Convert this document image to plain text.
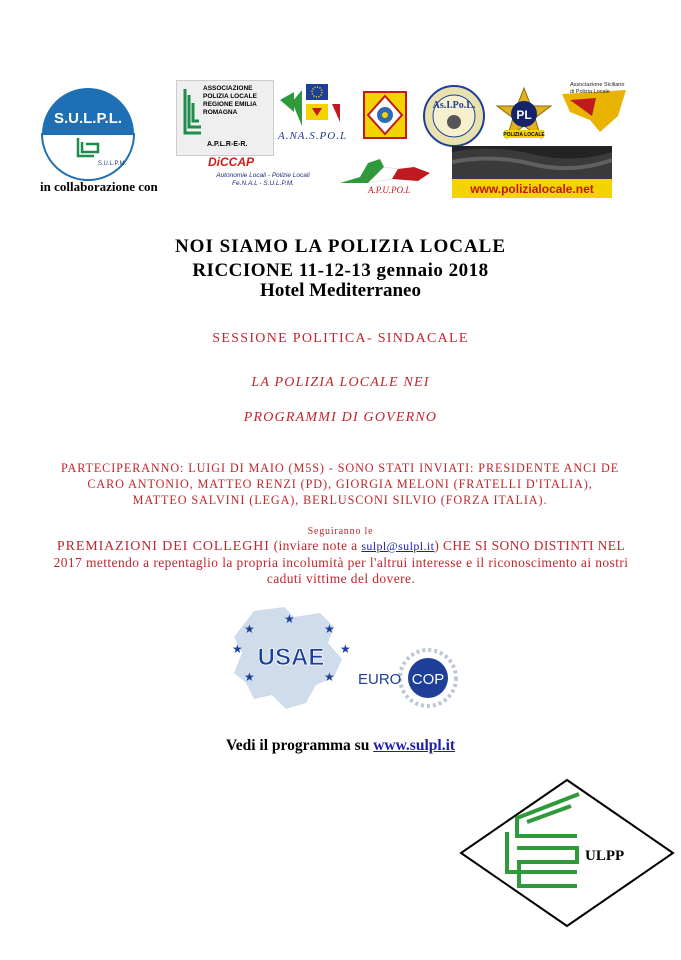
S.U.L.P.L.
S.U.L.P.M.
in collaborazione con
ASSOCIAZIONE POLIZIA LOCALE REGIONE EMILIA ROMAGNA
A.P.L.R-E-R.
A.NA.S.PO.L
DiCCAP
Autonomie Locali - Polizie Locali
Fe.N.A.L - S.U.L.P.M.
As.I.Po.L.
PL
POLIZIA LOCALE
Associazione Siciliano di Polizia Locale
A.P.U.PO.L	www.polizialocale.net
NOI SIAMO LA POLIZIA LOCALE
RICCIONE 11-12-13 gennaio 2018
Hotel Mediterraneo
SESSIONE POLITICA- SINDACALE
LA POLIZIA LOCALE NEI
PROGRAMMI DI GOVERNO
PARTECIPERANNO: LUIGI DI MAIO (M5S) - SONO STATI INVIATI: PRESIDENTE ANCI DE CARO ANTONIO, MATTEO RENZI (PD), GIORGIA MELONI (FRATELLI D'ITALIA), MATTEO SALVINI (LEGA), BERLUSCONI SILVIO (FORZA ITALIA).
Seguiranno le
PREMIAZIONI DEI COLLEGHI (inviare note a sulpl@sulpl.it) CHE SI SONO DISTINTI NEL 2017 mettendo a repentaglio la propria incolumità per l'altrui interesse e il riconoscimento ai nostri caduti vittime del dovere.
★	★
★
★	★
★	★
USAE
EURO COP
Vedi il programma su www.sulpl.it
ULPP
